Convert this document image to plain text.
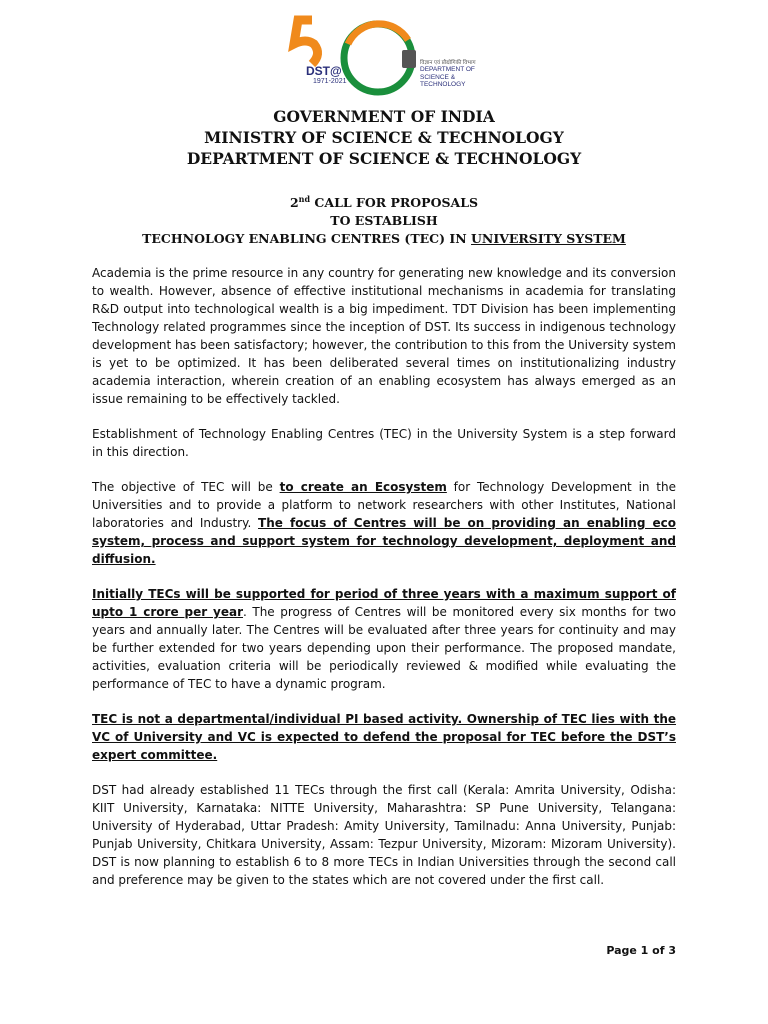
DST@
1971-2021
विज्ञान एवं प्रौद्योगिकी विभाग
DEPARTMENT OF
SCIENCE & TECHNOLOGY
GOVERNMENT OF INDIA
MINISTRY OF SCIENCE & TECHNOLOGY
DEPARTMENT OF SCIENCE & TECHNOLOGY
2nd CALL FOR PROPOSALS
TO ESTABLISH
TECHNOLOGY ENABLING CENTRES (TEC) IN UNIVERSITY SYSTEM

Academia is the prime resource in any country for generating new knowledge and its conversion to wealth. However, absence of effective institutional mechanisms in academia for translating R&D output into technological wealth is a big impediment. TDT Division has been implementing Technology related programmes since the inception of DST. Its success in indigenous technology development has been satisfactory; however, the contribution to this from the University system is yet to be optimized. It has been deliberated several times on institutionalizing industry academia interaction, wherein creation of an enabling ecosystem has always emerged as an issue remaining to be effectively tackled.

Establishment of Technology Enabling Centres (TEC) in the University System is a step forward in this direction.

The objective of TEC will be to create an Ecosystem for Technology Development in the Universities and to provide a platform to network researchers with other Institutes, National laboratories and Industry. The focus of Centres will be on providing an enabling eco system, process and support system for technology development, deployment and diffusion.

Initially TECs will be supported for period of three years with a maximum support of upto 1 crore per year. The progress of Centres will be monitored every six months for two years and annually later. The Centres will be evaluated after three years for continuity and may be further extended for two years depending upon their performance. The proposed mandate, activities, evaluation criteria will be periodically reviewed & modified while evaluating the performance of TEC to have a dynamic program.

TEC is not a departmental/individual PI based activity. Ownership of TEC lies with the VC of University and VC is expected to defend the proposal for TEC before the DST’s expert committee.

DST had already established 11 TECs through the first call (Kerala: Amrita University, Odisha: KIIT University, Karnataka: NITTE University, Maharashtra: SP Pune University, Telangana: University of Hyderabad, Uttar Pradesh: Amity University, Tamilnadu: Anna University, Punjab: Punjab University, Chitkara University, Assam: Tezpur University, Mizoram: Mizoram University). DST is now planning to establish 6 to 8 more TECs in Indian Universities through the second call and preference may be given to the states which are not covered under the first call.

Page 1 of 3
